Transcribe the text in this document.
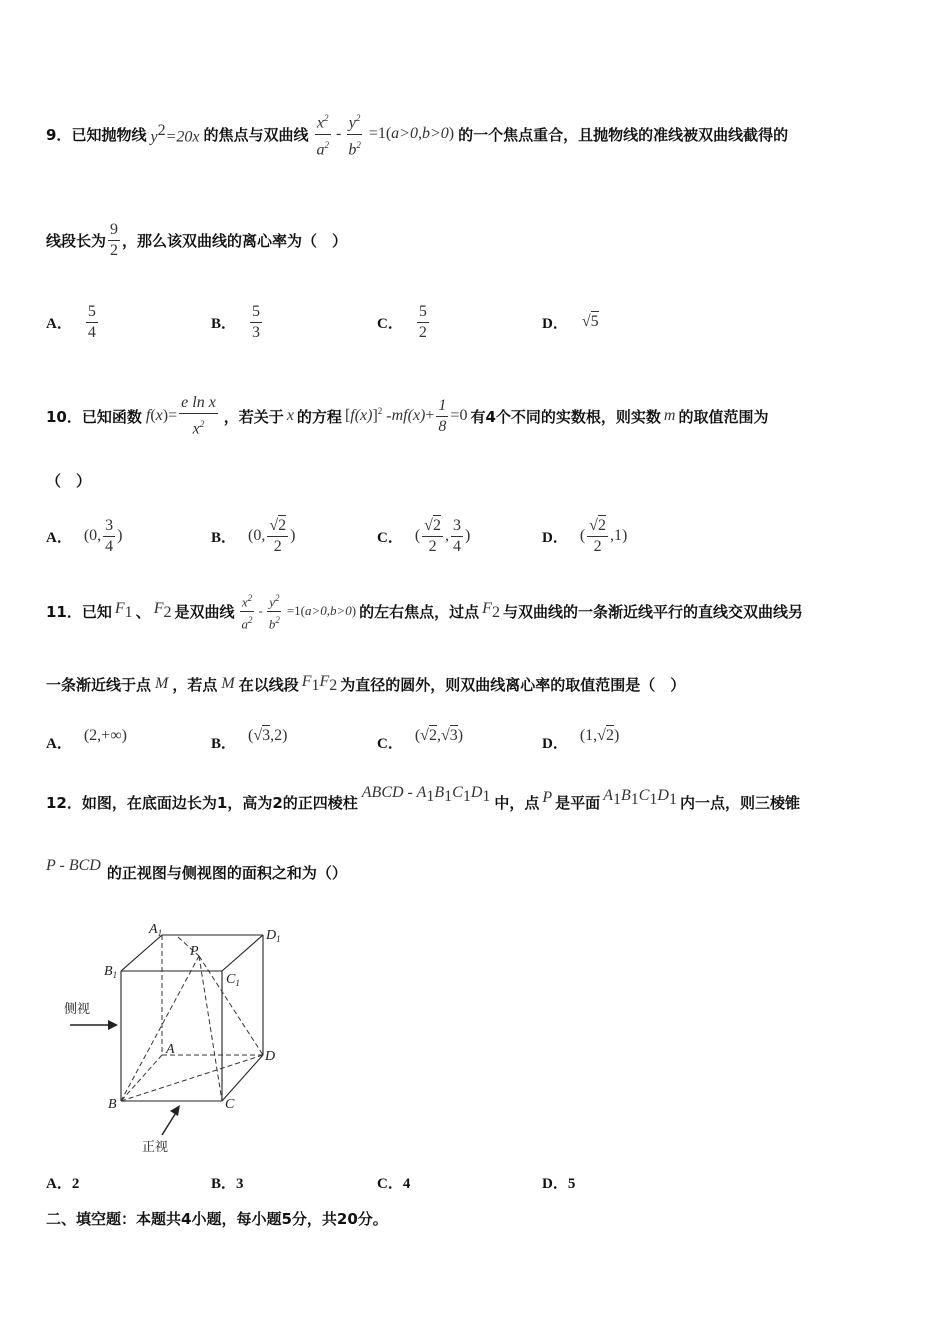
9． 已知抛物线 $y^2=20x$ 的焦点与双曲线 $\frac{x^2}{a^2} - \frac{y^2}{b^2} =1$( a>0,b>0 ) 的一个焦点重合，且抛物线的准线被双曲线截得的
线段长为 $\frac{9}{2}$ ，那么该双曲线的离心率为（　）
A． $\frac{5}{4}$	B． $\frac{5}{3}$	C． $\frac{5}{2}$	D． √5
10． 已知函数 f ( x )= $\frac{\text{e ln x}}{x^2}$ ，若关于 x 的方程 [ f(x) ]$^2 - mf(x) + \frac{1}{8} =0$ 有4个不同的实数根，则实数 m 的取值范围为
（　）
A． (0, $\frac{3}{4}$ )	B． (0, $\frac{√2}{2}$ )	C． ( $\frac{√2}{2}$ , $\frac{3}{4}$ )	D． ( $\frac{√2}{2} ,1$)
11． 已知 $F_1$ 、 $F_2$ 是双曲线 $\frac{x^2}{a^2} - \frac{y^2}{b^2} =1$( a>0,b>0 ) 的左右焦点，过点 $F_2$ 与双曲线的一条渐近线平行的直线交双曲线另
一条渐近线于点 M ，若点 M 在以线段 $F_1F_2$ 为直径的圆外，则双曲线离心率的取值范围是（　）
A． (2,+∞)	B． (√3,2)	C． (√2,√3)	D． (1,√2)
12． 如图，在底面边长为1，高为2的正四棱柱
ABCD - $A_1B_1C_1D_1$ 中，点 P 是平面 $A_1B_1C_1D_1$ 内一点，则三棱锥
P - BCD 的正视图与侧视图的面积之和为（）
$A_1$	$D_1$
$B_1$	$C_1$
P
A	D
B	C
侧视
正视
A．2	B．3	C．4	D．5
二、填空题：本题共4小题，每小题5分，共20分。
